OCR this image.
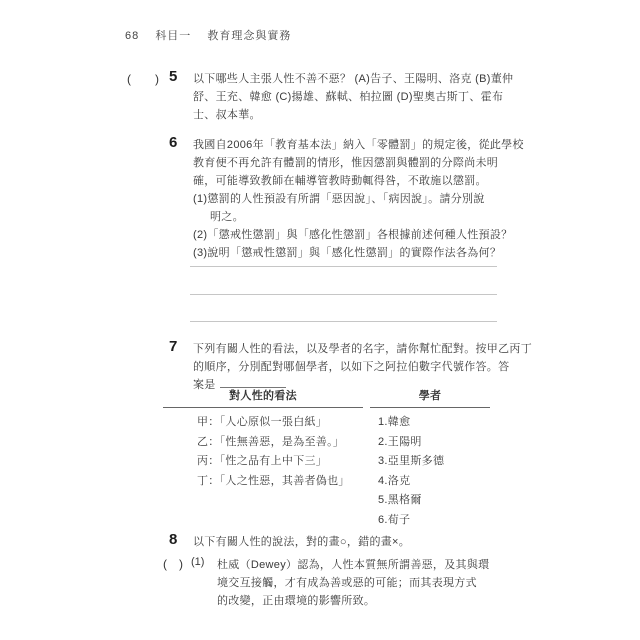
68 科目一 教育理念與實務
(　　) 5 以下哪些人主張人性不善不惡？ (A)告子、王陽明、洛克 (B)董仲
舒、王充、韓愈 (C)揚雄、蘇軾、柏拉圖 (D)聖奧古斯丁、霍布
士、叔本華。
6 我國自2006年「教育基本法」納入「零體罰」的規定後，從此學校
教育便不再允許有體罰的情形，惟因懲罰與體罰的分際尚未明
確，可能導致教師在輔導管教時動輒得咎，不敢施以懲罰。
(1)懲罰的人性預設有所謂「惡因說」、「病因說」。請分別說
明之。
(2)「懲戒性懲罰」與「感化性懲罰」各根據前述何種人性預設？
(3)說明「懲戒性懲罰」與「感化性懲罰」的實際作法各為何？
7 下列有關人性的看法，以及學者的名字，請你幫忙配對。按甲乙丙丁
的順序，分別配對哪個學者，以如下之阿拉伯數字代號作答。答
案是
對人性的看法
甲：「人心原似一張白紙」
乙：「性無善惡，是為至善。」
丙：「性之品有上中下三」
丁：「人之性惡，其善者偽也」
學者
1.韓愈
2.王陽明
3.亞里斯多德
4.洛克
5.黑格爾
6.荀子
8 以下有關人性的說法，對的畫○，錯的畫×。
(　) (1) 杜威（Dewey）認為，人性本質無所謂善惡，及其與環
境交互接觸，才有成為善或惡的可能；而其表現方式
的改變，正由環境的影響所致。
